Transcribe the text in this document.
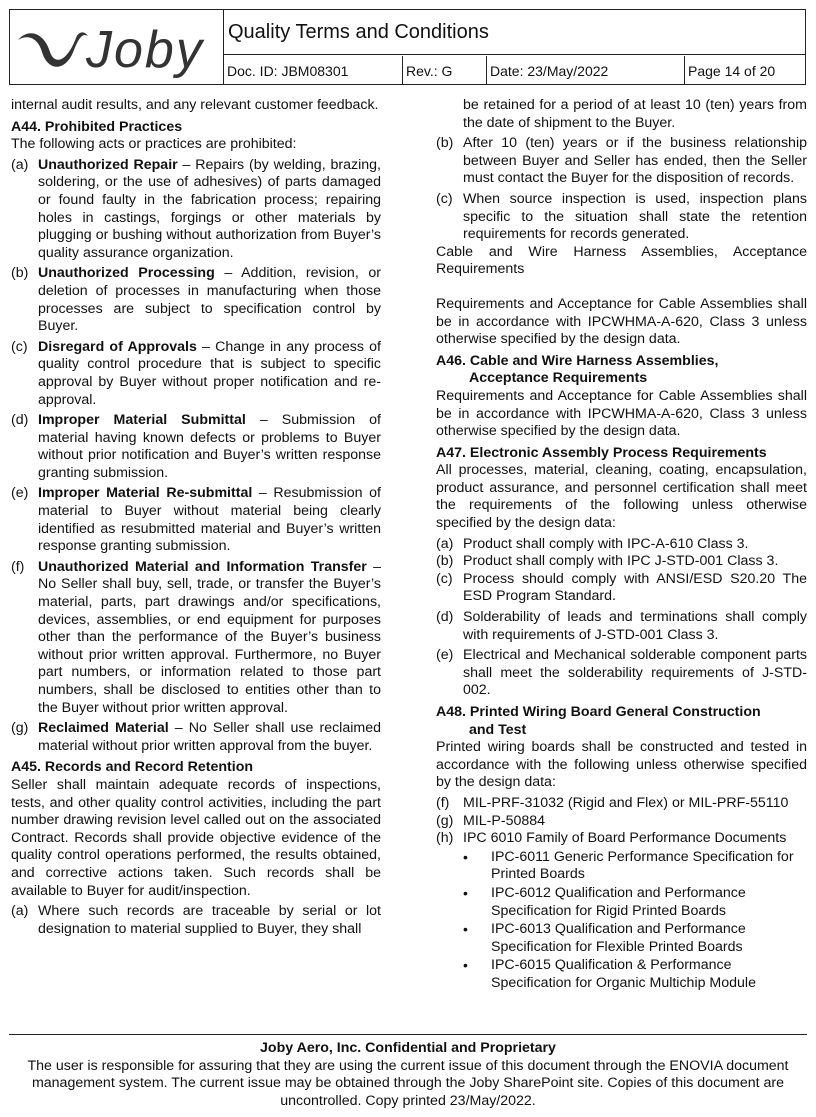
Joby Quality Terms and Conditions
Doc. ID: JBM08301	Rev.: G	Date: 23/May/2022	Page 14 of 20

internal audit results, and any relevant customer feedback.

A44. Prohibited Practices

The following acts or practices are prohibited:

(a) Unauthorized Repair – Repairs (by welding, brazing, soldering, or the use of adhesives) of parts damaged or found faulty in the fabrication process; repairing holes in castings, forgings or other materials by plugging or bushing without authorization from Buyer’s quality assurance organization.
(b) Unauthorized Processing – Addition, revision, or deletion of processes in manufacturing when those processes are subject to specification control by Buyer.
(c) Disregard of Approvals – Change in any process of quality control procedure that is subject to specific approval by Buyer without proper notification and re-approval.
(d) Improper Material Submittal – Submission of material having known defects or problems to Buyer without prior notification and Buyer’s written response granting submission.
(e) Improper Material Re-submittal – Resubmission of material to Buyer without material being clearly identified as resubmitted material and Buyer’s written response granting submission.
(f) Unauthorized Material and Information Transfer – No Seller shall buy, sell, trade, or transfer the Buyer’s material, parts, part drawings and/or specifications, devices, assemblies, or end equipment for purposes other than the performance of the Buyer’s business without prior written approval. Furthermore, no Buyer part numbers, or information related to those part numbers, shall be disclosed to entities other than to the Buyer without prior written approval.
(g) Reclaimed Material – No Seller shall use reclaimed material without prior written approval from the buyer.

A45. Records and Record Retention

Seller shall maintain adequate records of inspections, tests, and other quality control activities, including the part number drawing revision level called out on the associated Contract. Records shall provide objective evidence of the quality control operations performed, the results obtained, and corrective actions taken. Such records shall be available to Buyer for audit/inspection.

(a) Where such records are traceable by serial or lot designation to material supplied to Buyer, they shall

be retained for a period of at least 10 (ten) years from the date of shipment to the Buyer.

(b) After 10 (ten) years or if the business relationship between Buyer and Seller has ended, then the Seller must contact the Buyer for the disposition of records.
(c) When source inspection is used, inspection plans specific to the situation shall state the retention requirements for records generated.

Cable and Wire Harness Assemblies, Acceptance Requirements

Requirements and Acceptance for Cable Assemblies shall be in accordance with IPCWHMA-A-620, Class 3 unless otherwise specified by the design data.

A46. Cable and Wire Harness Assemblies,

Acceptance Requirements

Requirements and Acceptance for Cable Assemblies shall be in accordance with IPCWHMA-A-620, Class 3 unless otherwise specified by the design data.

A47. Electronic Assembly Process Requirements

All processes, material, cleaning, coating, encapsulation, product assurance, and personnel certification shall meet the requirements of the following unless otherwise specified by the design data:

(a) Product shall comply with IPC-A-610 Class 3.
(b) Product shall comply with IPC J-STD-001 Class 3.
(c) Process should comply with ANSI/ESD S20.20 The ESD Program Standard.
(d) Solderability of leads and terminations shall comply with requirements of J-STD-001 Class 3.
(e) Electrical and Mechanical solderable component parts shall meet the solderability requirements of J-STD-002.

A48. Printed Wiring Board General Construction

and Test

Printed wiring boards shall be constructed and tested in accordance with the following unless otherwise specified by the design data:

(f) MIL-PRF-31032 (Rigid and Flex) or MIL-PRF-55110
(g) MIL-P-50884
(h) IPC 6010 Family of Board Performance Documents
• IPC-6011 Generic Performance Specification for Printed Boards
• IPC-6012 Qualification and Performance Specification for Rigid Printed Boards
• IPC-6013 Qualification and Performance Specification for Flexible Printed Boards
• IPC-6015 Qualification & Performance Specification for Organic Multichip Module
Joby Aero, Inc. Confidential and Proprietary
The user is responsible for assuring that they are using the current issue of this document through the ENOVIA document management system. The current issue may be obtained through the Joby SharePoint site. Copies of this document are uncontrolled. Copy printed 23/May/2022.
